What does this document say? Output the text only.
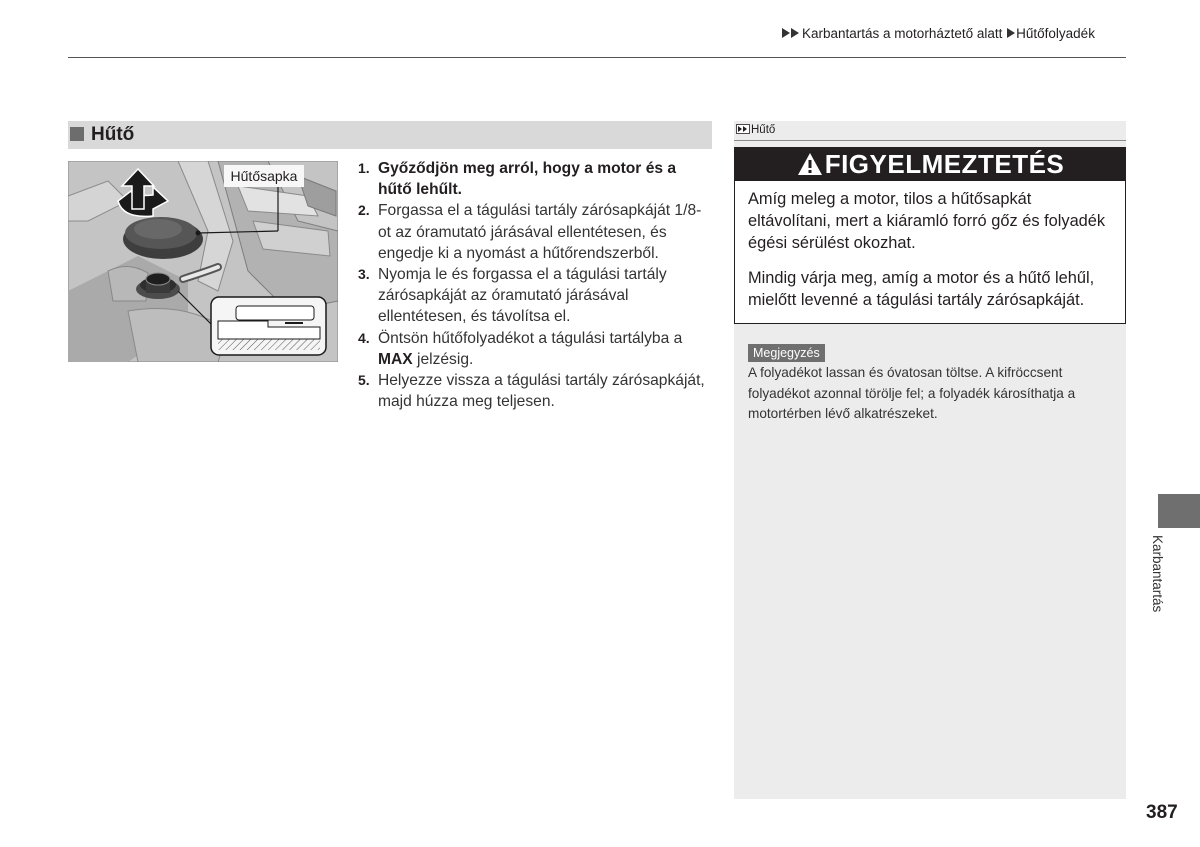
Karbantartás a motorháztető alatt Hűtőfolyadék
Hűtő
Hűtősapka	1. Győződjön meg arról, hogy a motor és a hűtő lehűlt.
2. Forgassa el a tágulási tartály zárósapkáját 1/8- ot az óramutató járásával ellentétesen, és engedje ki a nyomást a hűtőrendszerből.
3. Nyomja le és forgassa el a tágulási tartály zárósapkáját az óramutató járásával ellentétesen, és távolítsa el.
4. Öntsön hűtőfolyadékot a tágulási tartályba a MAX jelzésig.
5. Helyezze vissza a tágulási tartály zárósapkáját, majd húzza meg teljesen.
Hűtő
FIGYELMEZTETÉS
Amíg meleg a motor, tilos a hűtősapkát eltávolítani, mert a kiáramló forró gőz és folyadék égési sérülést okozhat.
Mindig várja meg, amíg a motor és a hűtő lehűl, mielőtt levenné a tágulási tartály zárósapkáját.
Megjegyzés
A folyadékot lassan és óvatosan töltse. A kifröccsent folyadékot azonnal törölje fel; a folyadék károsíthatja a motortérben lévő alkatrészeket.
Karbantartás
387
